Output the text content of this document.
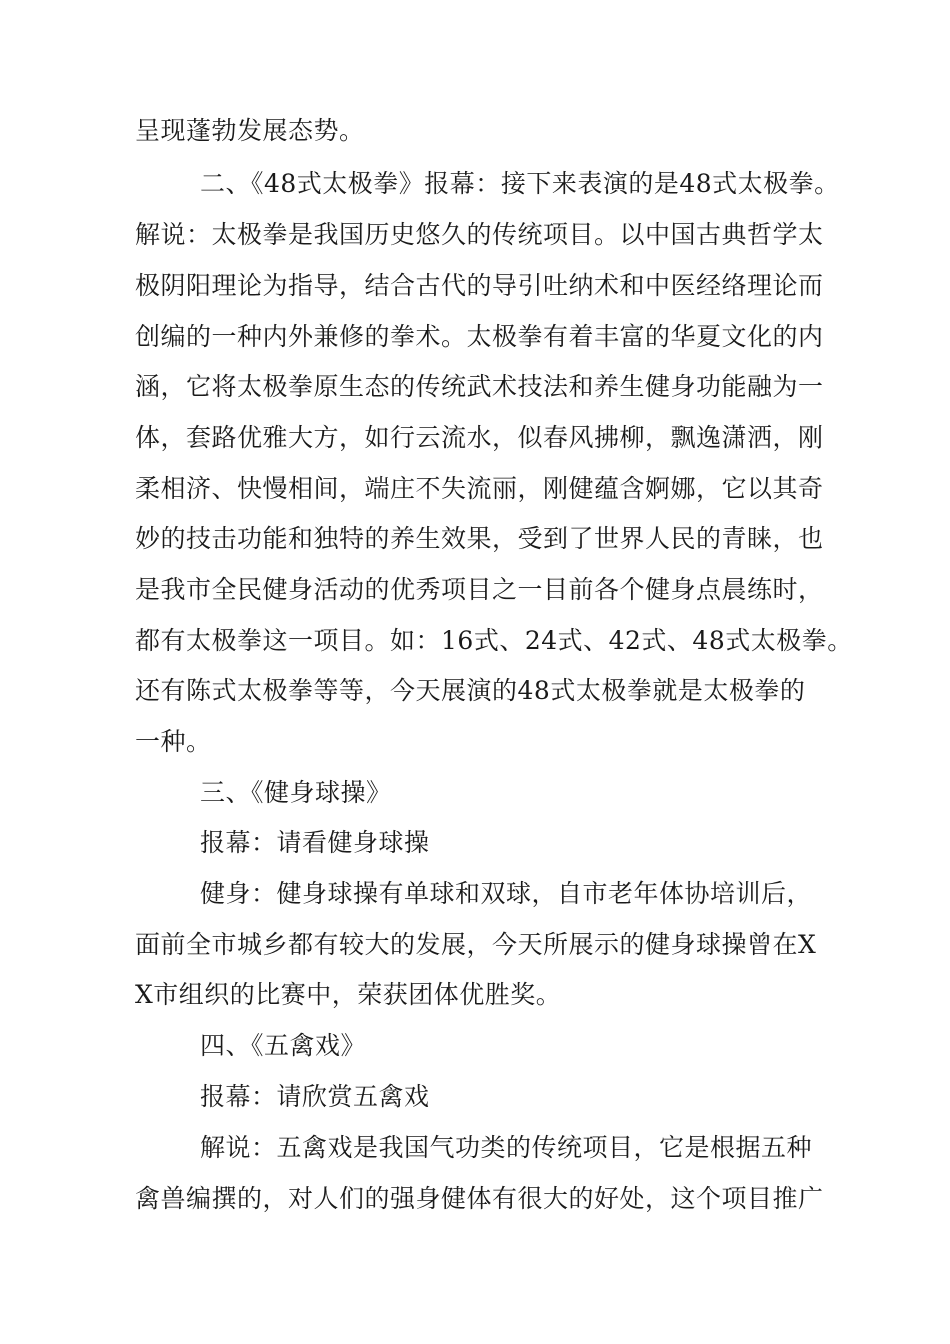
呈现蓬勃发展态势。
二、《48式太极拳》报幕：接下来表演的是48式太极拳。
解说：太极拳是我国历史悠久的传统项目。以中国古典哲学太
极阴阳理论为指导，结合古代的导引吐纳术和中医经络理论而
创编的一种内外兼修的拳术。太极拳有着丰富的华夏文化的内
涵，它将太极拳原生态的传统武术技法和养生健身功能融为一
体，套路优雅大方，如行云流水，似春风拂柳，飘逸潇洒，刚
柔相济、快慢相间，端庄不失流丽，刚健蕴含婀娜，它以其奇
妙的技击功能和独特的养生效果，受到了世界人民的青睐，也
是我市全民健身活动的优秀项目之一目前各个健身点晨练时，
都有太极拳这一项目。如：16式、24式、42式、48式太极拳。
还有陈式太极拳等等，今天展演的48式太极拳就是太极拳的
一种。
三、《健身球操》
报幕：请看健身球操
健身：健身球操有单球和双球，自市老年体协培训后，
面前全市城乡都有较大的发展，今天所展示的健身球操曾在X
X市组织的比赛中，荣获团体优胜奖。
四、《五禽戏》
报幕：请欣赏五禽戏
解说：五禽戏是我国气功类的传统项目，它是根据五种
禽兽编撰的，对人们的强身健体有很大的好处，这个项目推广
